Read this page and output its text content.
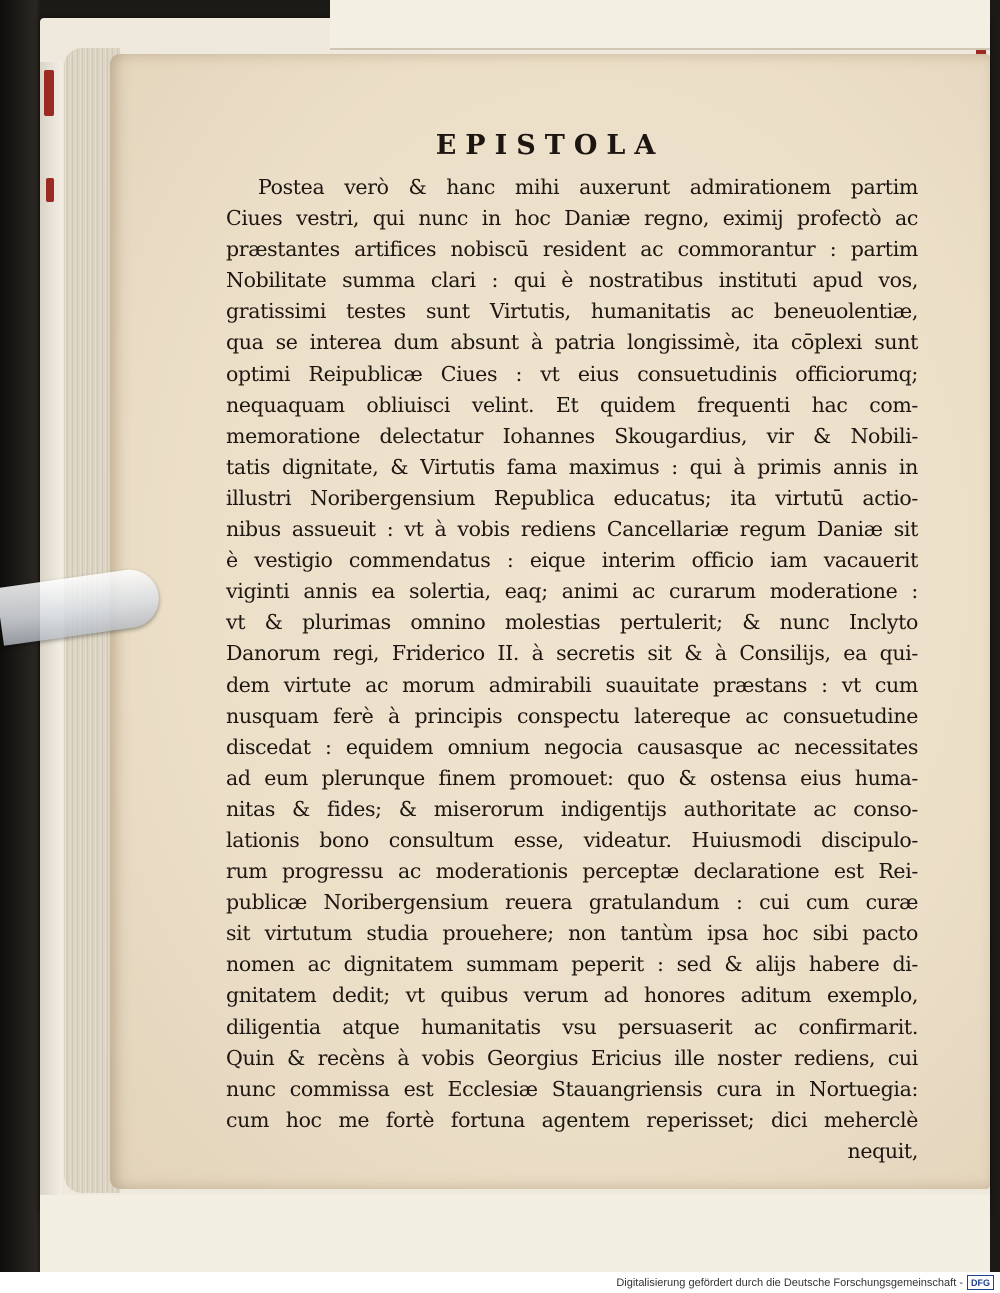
EPISTOLA
Postea verò & hanc mihi auxerunt admirationem partim
Ciues vestri, qui nunc in hoc Daniæ regno, eximij profectò ac
præstantes artifices nobiscū resident ac commorantur : partim
Nobilitate summa clari : qui è nostratibus instituti apud vos,
gratissimi testes sunt Virtutis, humanitatis ac beneuolentiæ,
qua se interea dum absunt à patria longissimè, ita cōplexi sunt
optimi Reipublicæ Ciues : vt eius consuetudinis officiorumq;
nequaquam obliuisci velint. Et quidem frequenti hac com-
memoratione delectatur Iohannes Skougardius, vir & Nobili-
tatis dignitate, & Virtutis fama maximus : qui à primis annis in
illustri Noribergensium Republica educatus; ita virtutū actio-
nibus assueuit : vt à vobis rediens Cancellariæ regum Daniæ sit
è vestigio commendatus : eique interim officio iam vacauerit
viginti annis ea solertia, eaq; animi ac curarum moderatione :
vt & plurimas omnino molestias pertulerit; & nunc Inclyto
Danorum regi, Friderico II. à secretis sit & à Consilijs, ea qui-
dem virtute ac morum admirabili suauitate præstans : vt cum
nusquam ferè à principis conspectu latereque ac consuetudine
discedat : equidem omnium negocia causasque ac necessitates
ad eum plerunque finem promouet: quo & ostensa eius huma-
nitas & fides; & miserorum indigentijs authoritate ac conso-
lationis bono consultum esse, videatur. Huiusmodi discipulo-
rum progressu ac moderationis perceptæ declaratione est Rei-
publicæ Noribergensium reuera gratulandum : cui cum curæ
sit virtutum studia prouehere; non tantùm ipsa hoc sibi pacto
nomen ac dignitatem summam peperit : sed & alijs habere di-
gnitatem dedit; vt quibus verum ad honores aditum exemplo,
diligentia atque humanitatis vsu persuaserit ac confirmarit.
Quin & recèns à vobis Georgius Ericius ille noster rediens, cui
nunc commissa est Ecclesiæ Stauangriensis cura in Nortuegia:
cum hoc me fortè fortuna agentem reperisset; dici meherclè
nequit,
Digitalisierung gefördert durch die Deutsche Forschungsgemeinschaft - DFG
